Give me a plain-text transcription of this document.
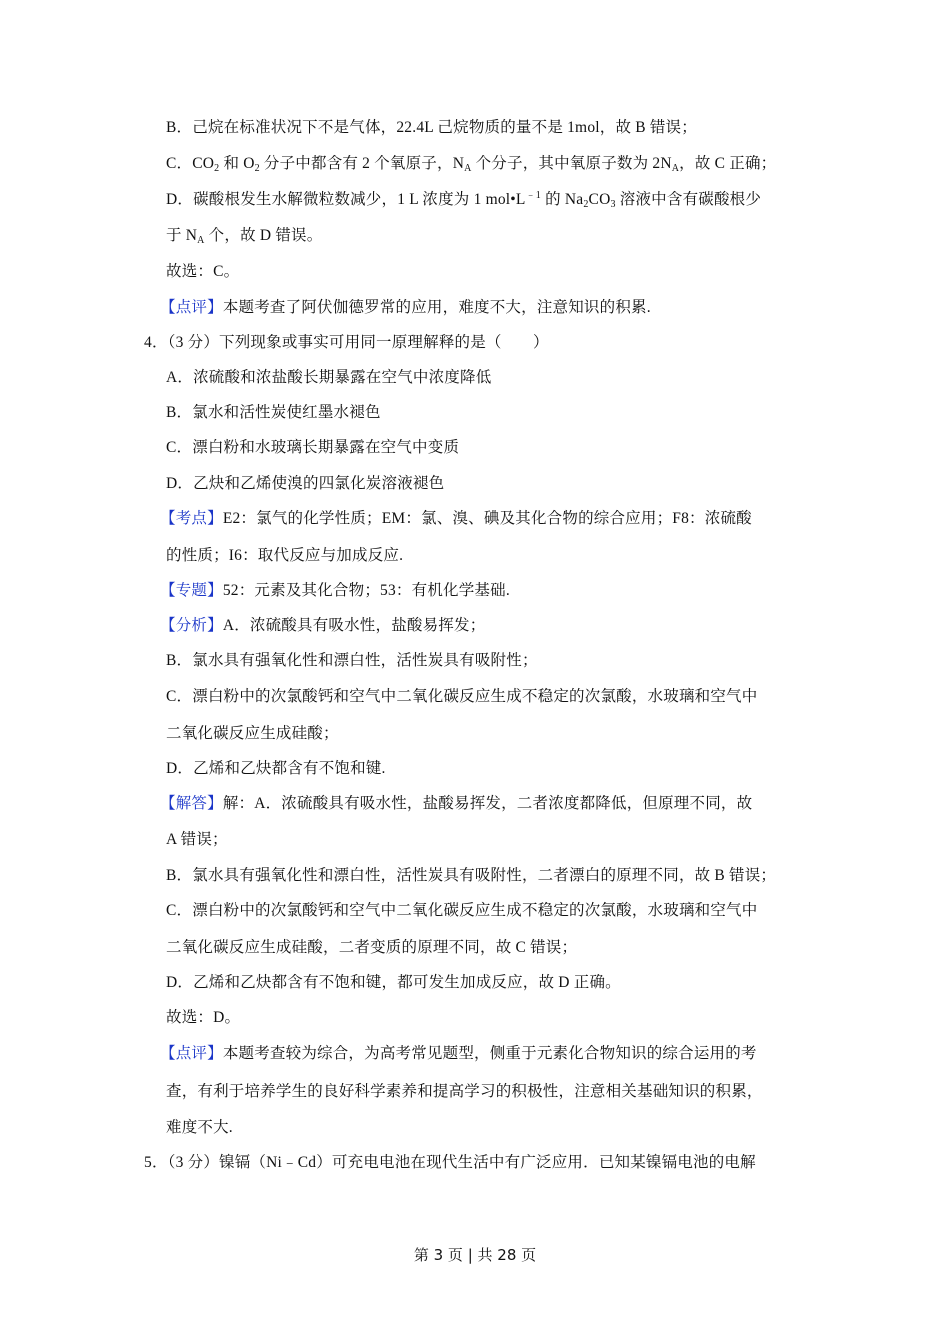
B．己烷在标准状况下不是气体，22.4L 己烷物质的量不是 1mol，故 B 错误；
C．$CO_2$ 和 $O_2$ 分子中都含有 2 个氧原子，$N_A$ 个分子，其中氧原子数为 $2N_A$，故 C 正确；
D．碳酸根发生水解微粒数减少，1 L 浓度为 1 $mol•L^{﹣1}$ 的 $Na_2CO_3$ 溶液中含有碳酸根少
于 $N_A$ 个，故 D 错误。
故选：C。
【点评】本题考查了阿伏伽德罗常的应用，难度不大，注意知识的积累.
4．（3 分）下列现象或事实可用同一原理解释的是（　　）
A．浓硫酸和浓盐酸长期暴露在空气中浓度降低
B．氯水和活性炭使红墨水褪色
C．漂白粉和水玻璃长期暴露在空气中变质
D．乙炔和乙烯使溴的四氯化炭溶液褪色
【考点】E2：氯气的化学性质；EM：氯、溴、碘及其化合物的综合应用；F8：浓硫酸
的性质；I6：取代反应与加成反应.
【专题】52：元素及其化合物；53：有机化学基础.
【分析】A．浓硫酸具有吸水性，盐酸易挥发；
B．氯水具有强氧化性和漂白性，活性炭具有吸附性；
C．漂白粉中的次氯酸钙和空气中二氧化碳反应生成不稳定的次氯酸，水玻璃和空气中
二氧化碳反应生成硅酸；
D．乙烯和乙炔都含有不饱和键.
【解答】解：A．浓硫酸具有吸水性，盐酸易挥发，二者浓度都降低，但原理不同，故
A 错误；
B．氯水具有强氧化性和漂白性，活性炭具有吸附性，二者漂白的原理不同，故 B 错误；
C．漂白粉中的次氯酸钙和空气中二氧化碳反应生成不稳定的次氯酸，水玻璃和空气中
二氧化碳反应生成硅酸，二者变质的原理不同，故 C 错误；
D．乙烯和乙炔都含有不饱和键，都可发生加成反应，故 D 正确。
故选：D。
【点评】本题考查较为综合，为高考常见题型，侧重于元素化合物知识的综合运用的考
查，有利于培养学生的良好科学素养和提高学习的积极性，注意相关基础知识的积累，
难度不大.
5．（3 分）镍镉（Ni﹣Cd）可充电电池在现代生活中有广泛应用．已知某镍镉电池的电解
第 3 页 | 共 28 页
